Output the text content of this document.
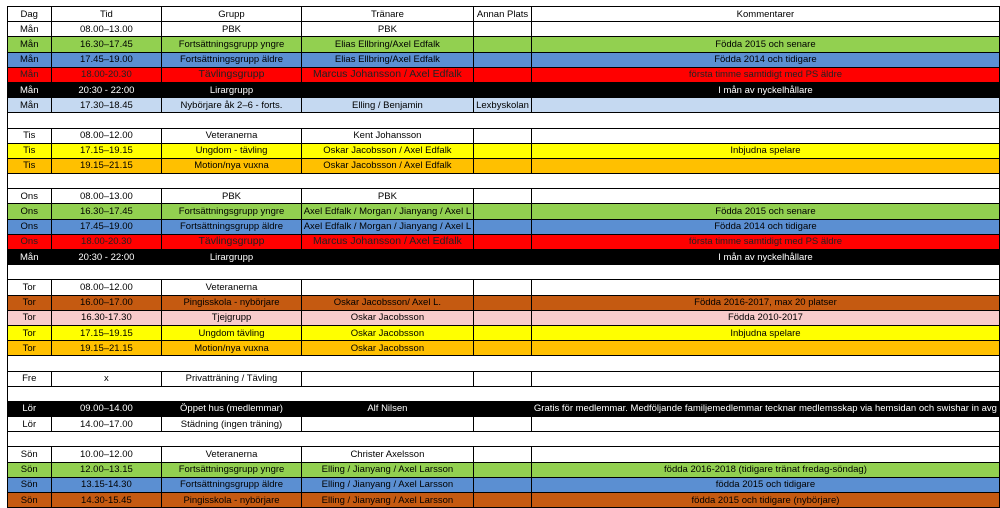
Dag	Tid	Grupp	Tränare	Annan Plats	Kommentarer
Mån	08.00–13.00	PBK	PBK		
Mån	16.30–17.45	Fortsättningsgrupp yngre	Elias Ellbring/Axel Edfalk		Födda 2015 och senare
Mån	17.45–19.00	Fortsättningsgrupp äldre	Elias Ellbring/Axel Edfalk		Födda 2014 och tidigare
Mån	18.00-20.30	Tävlingsgrupp	Marcus Johansson / Axel Edfalk		första timme samtidigt med PS äldre
Mån	20:30 - 22:00	Lirargrupp			I mån av nyckelhållare
Mån	17.30–18.45	Nybörjare åk 2–6 - forts.	Elling / Benjamin	Lexbyskolan	

Tis	08.00–12.00	Veteranerna	Kent Johansson		
Tis	17.15–19.15	Ungdom - tävling	Oskar Jacobsson / Axel Edfalk		Inbjudna spelare
Tis	19.15–21.15	Motion/nya vuxna	Oskar Jacobsson / Axel Edfalk		

Ons	08.00–13.00	PBK	PBK		
Ons	16.30–17.45	Fortsättningsgrupp yngre	Axel Edfalk / Morgan / Jianyang / Axel L		Födda 2015 och senare
Ons	17.45–19.00	Fortsättningsgrupp äldre	Axel Edfalk / Morgan / Jianyang / Axel L		Födda 2014 och tidigare
Ons	18.00-20.30	Tävlingsgrupp	Marcus Johansson / Axel Edfalk		första timme samtidigt med PS äldre
Mån	20:30 - 22:00	Lirargrupp			I mån av nyckelhållare

Tor	08.00–12.00	Veteranerna			
Tor	16.00–17.00	Pingisskola - nybörjare	Oskar Jacobsson/ Axel L.		Födda 2016-2017, max 20 platser
Tor	16.30-17.30	Tjejgrupp	Oskar Jacobsson		Födda 2010-2017
Tor	17.15–19.15	Ungdom tävling	Oskar Jacobsson		Inbjudna spelare
Tor	19.15–21.15	Motion/nya vuxna	Oskar Jacobsson		

Fre	x	Privatträning / Tävling			

Lör	09.00–14.00	Öppet hus (medlemmar)	Alf Nilsen		Gratis för medlemmar. Medföljande familjemedlemmar tecknar medlemsskap via hemsidan och swishar in avg
Lör	14.00–17.00	Städning (ingen träning)			

Sön	10.00–12.00	Veteranerna	Christer Axelsson		
Sön	12.00–13.15	Fortsättningsgrupp yngre	Elling / Jianyang / Axel Larsson		födda 2016-2018 (tidigare tränat fredag-söndag)
Sön	13.15-14.30	Fortsättningsgrupp äldre	Elling / Jianyang / Axel Larsson		födda 2015 och tidigare
Sön	14.30-15.45	Pingisskola - nybörjare	Elling / Jianyang / Axel Larsson		födda 2015 och tidigare (nybörjare)
